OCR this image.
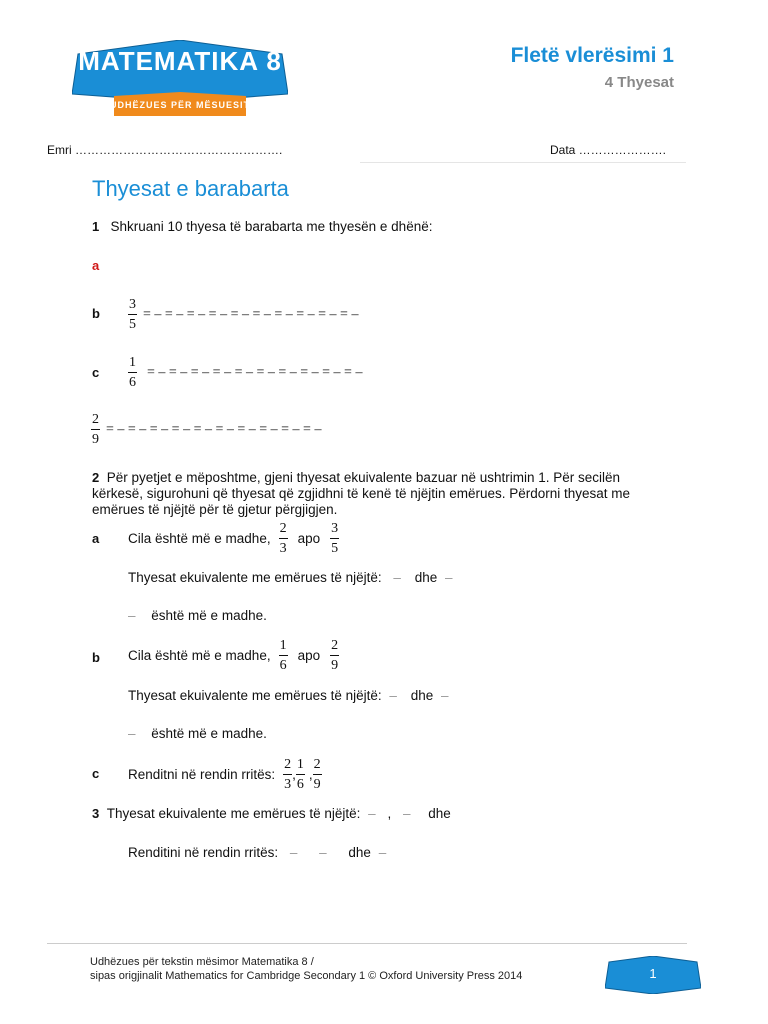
MATEMATIKA 8
UDHËZUES PËR MËSUESIT
Fletë vlerësimi 1
4 Thyesat
Emri …………………………………………….	Data ………………….
Thyesat e barabarta
1 Shkruani 10 thyesa të barabarta me thyesën e dhënë:
a
b $\frac{3}{5}$ = – = – = – = – = – = – = – = – = – = –
c $\frac{1}{6}$ = – = – = – = – = – = – = – = – = – = –
$\frac{2}{9}$ = – = – = – = – = – = – = – = – = – = –
2 Për pyetjet e mëposhtme, gjeni thyesat ekuivalente bazuar në ushtrimin 1. Për secilën kërkesë, sigurohuni që thyesat që zgjidhni të kenë të njëjtin emërues. Përdorni thyesat me emërues të njëjtë për të gjetur përgjigjen.
a Cila është më e madhe, $\frac{2}{3}$ apo $\frac{3}{5}$
Thyesat ekuivalente me emërues të njëjtë: – dhe –
– është më e madhe.
b Cila është më e madhe, $\frac{1}{6}$ apo $\frac{2}{9}$
Thyesat ekuivalente me emërues të njëjtë: – dhe –
– është më e madhe.
c Renditni në rendin rritës: $\frac{2}{3}$ , $\frac{1}{6}$ , $\frac{2}{9}$
3 Thyesat ekuivalente me emërues të njëjtë: – , – dhe
Renditini në rendin rritës: – – dhe –
Udhëzues për tekstin mësimor Matematika 8 /
sipas origjinalit Mathematics for Cambridge Secondary 1 © Oxford University Press 2014	1
